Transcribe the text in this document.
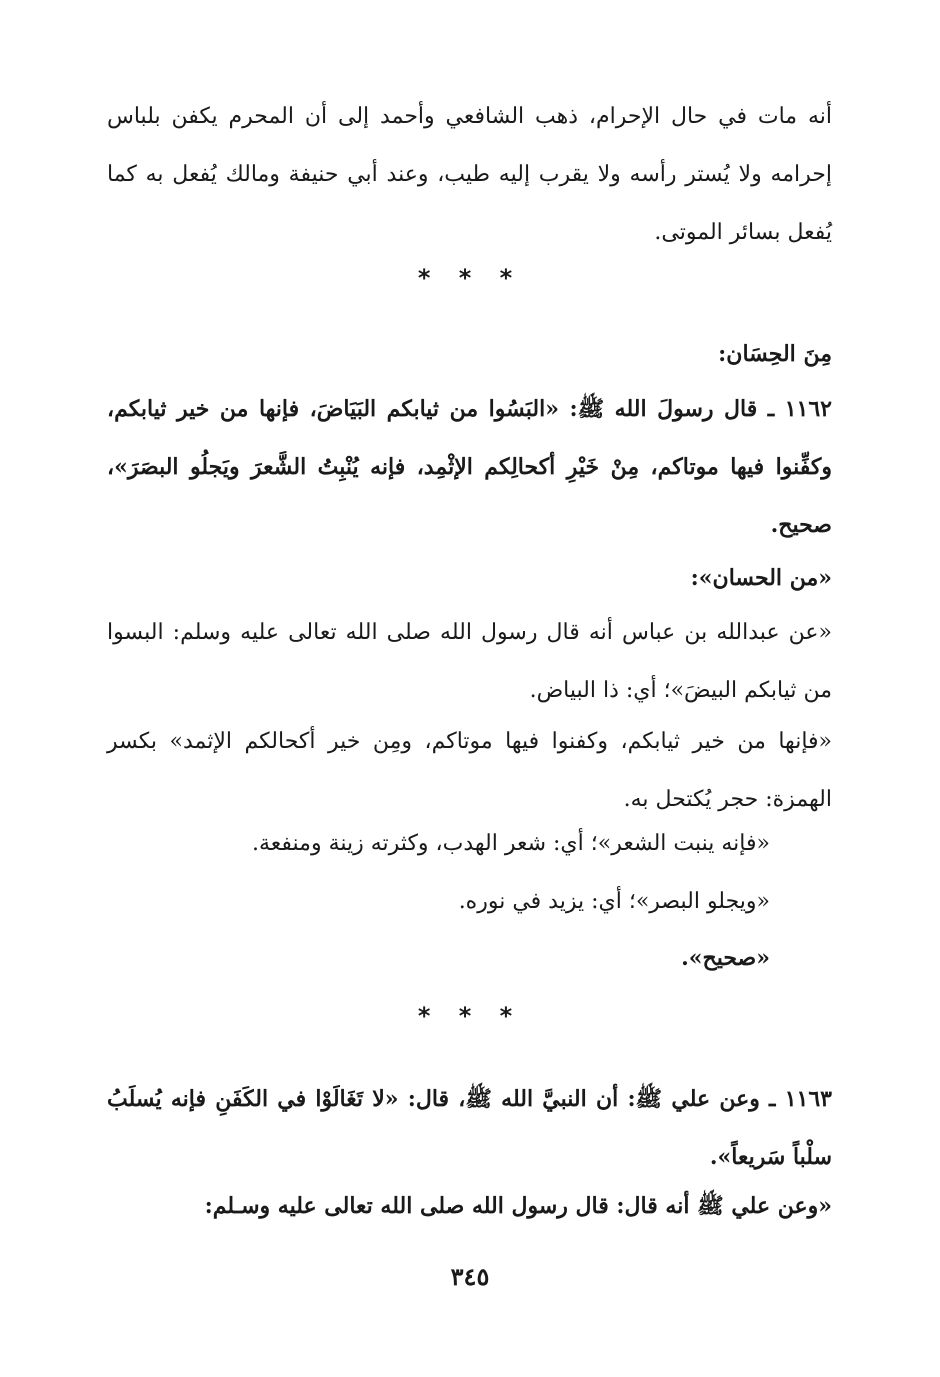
أنه مات في حال الإحرام، ذهب الشافعي وأحمد إلى أن المحرم يكفن بلباس إحرامه ولا يُستر رأسه ولا يقرب إليه طيب، وعند أبي حنيفة ومالك يُفعل به كما يُفعل بسائر الموتى.

* * *
مِنَ الحِسَان:

١١٦٢ ـ قال رسولَ الله ﷺ: «البَسُوا من ثيابكم البَيَاضَ، فإنها من خير ثيابكم، وكفِّنوا فيها موتاكم، مِنْ خَيْرِ أكحالِكم الإثْمِد، فإنه يُنْبِتُ الشَّعرَ ويَجلُو البصَرَ»، صحيح.

«من الحسان»:

«عن عبدالله بن عباس أنه قال رسول الله صلى الله تعالى عليه وسلم: البسوا من ثيابكم البيضَ»؛ أي: ذا البياض.

«فإنها من خير ثيابكم، وكفنوا فيها موتاكم، ومِن خير أكحالكم الإثمد» بكسر الهمزة: حجر يُكتحل به.

«فإنه ينبت الشعر»؛ أي: شعر الهدب، وكثرته زينة ومنفعة.
«ويجلو البصر»؛ أي: يزيد في نوره.
«صحيح».
* * *

١١٦٣ ـ وعن علي ﷺ: أن النبيَّ الله ﷺ، قال: «لا تَغَالَوْا في الكَفَنِ فإنه يُسلَبُ سلْباً سَريعاً».

«وعن علي ﷺ أنه قال: قال رسول الله صلى الله تعالى عليه وسـلم:
٣٤٥
